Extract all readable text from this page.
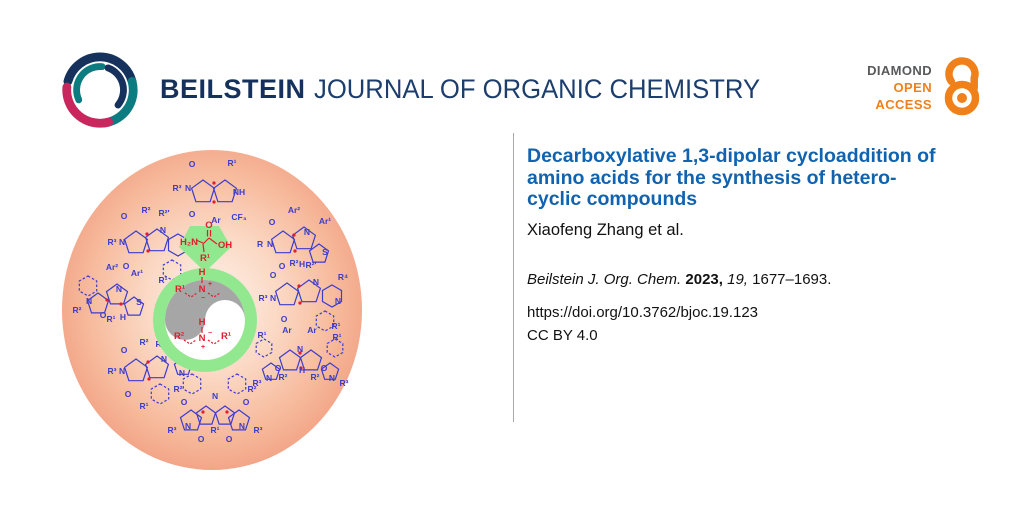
BEILSTEIN JOURNAL OF ORGANIC CHEMISTRY
DIAMOND
OPEN
ACCESS
O	R¹
R³ N	NH
O
Ar CF₃
R² R²′
O
R³ N
O
N
R¹
Ar²
Ar¹
N
S
O
R²
R¹ H
N
Ar²
Ar¹
O
R N
N
S
O H
R² R²′
O
R³ N
N R⁴
N
O
R¹
R² R²′
O
R³ N
O
N N
N
N
R¹
R¹ Ar Ar
R¹
N
H
R²	R²
O	O
N
R³	N R³
R²	R²
N
O	O
R³	R³
N	N
O	O
R¹
H₂N
O
OH
R¹
H
N +
−
R¹
H
N −
+
R²	R¹
Decarboxylative 1,3-dipolar cycloaddition of
amino acids for the synthesis of hetero-
cyclic compounds
Xiaofeng Zhang et al.
Beilstein J. Org. Chem. 2023, 19, 1677–1693.
https://doi.org/10.3762/bjoc.19.123
CC BY 4.0
